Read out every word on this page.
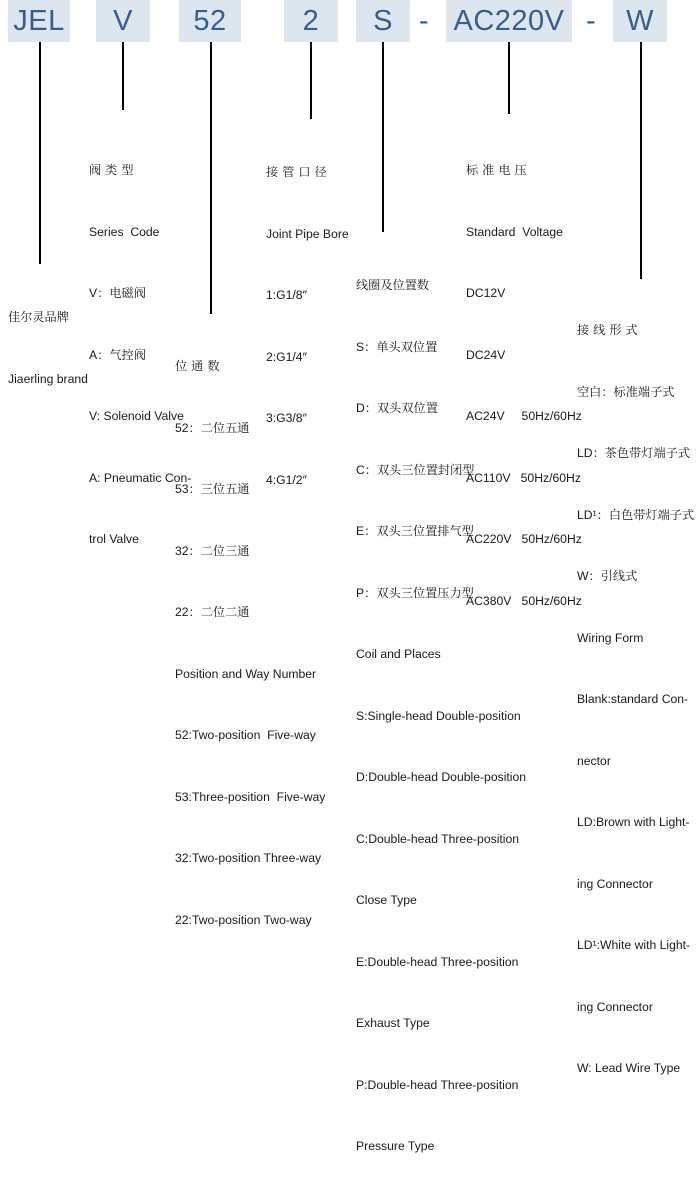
JEL	V	52	2	S - AC220V -	W

佳尔灵品牌

Jiaerling brand

阀类型

Series  Code

V：电磁阀

A：气控阀

V: Solenoid Valve

A: Pneumatic Con-

trol Valve

位通数

52：二位五通

53：三位五通

32：二位三通

22：二位二通

Position and Way Number

52:Two-position  Five-way

53:Three-position  Five-way

32:Two-position Three-way

22:Two-position Two-way

接管口径

Joint Pipe Bore

1:G1/8″

2:G1/4″

3:G3/8″

4:G1/2″

线圈及位置数

S：单头双位置

D：双头双位置

C：双头三位置封闭型

E：双头三位置排气型

P：双头三位置压力型

Coil and Places

S:Single-head Double-position

D:Double-head Double-position

C:Double-head Three-position

Close Type

E:Double-head Three-position

Exhaust Type

P:Double-head Three-position

Pressure Type

标准电压

Standard  Voltage

DC12V

DC24V

AC24V     50Hz/60Hz

AC110V   50Hz/60Hz

AC220V   50Hz/60Hz

AC380V   50Hz/60Hz

接线形式

空白：标准端子式

LD：茶色带灯端子式

LD¹：白色带灯端子式

W：引线式

Wiring Form

Blank:standard Con-

nector

LD:Brown with Light-

ing Connector

LD¹:White with Light-

ing Connector

W: Lead Wire Type
